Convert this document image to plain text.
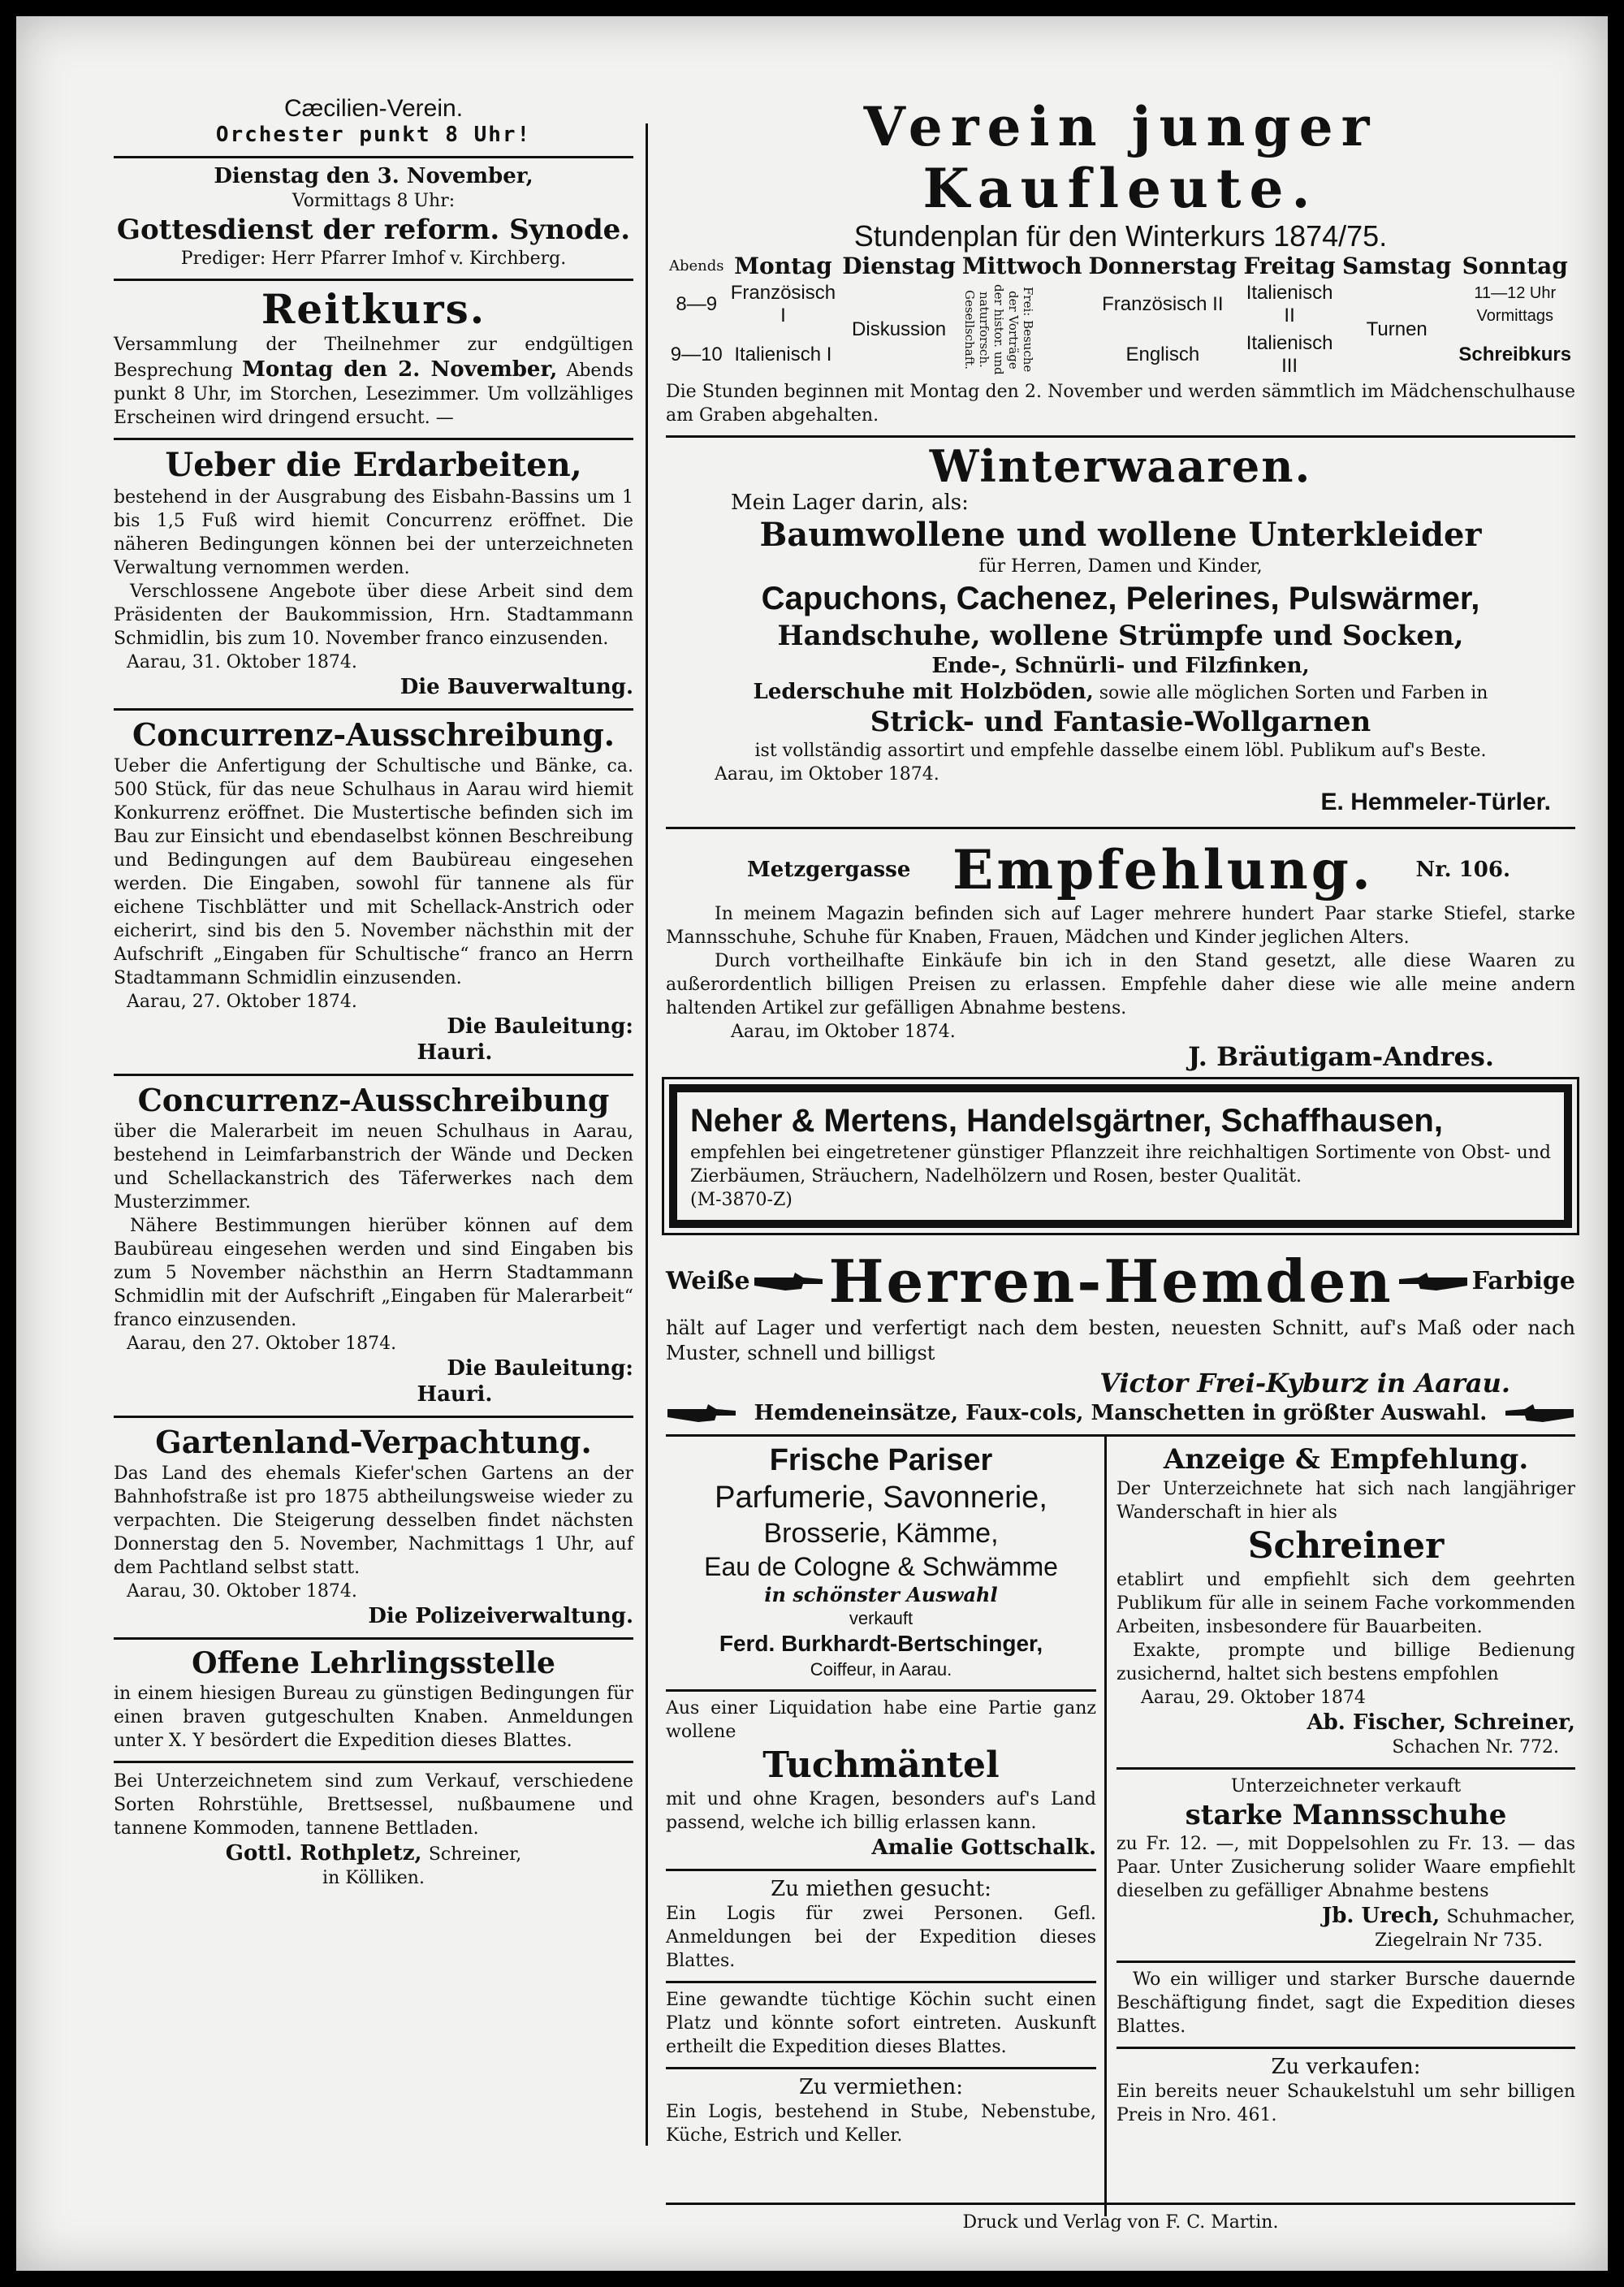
Cæcilien-Verein.
Orchester punkt 8 Uhr!
Dienstag den 3. November,
Vormittags 8 Uhr:
Gottesdienst der reform. Synode.
Prediger: Herr Pfarrer Imhof v. Kirchberg.
Reitkurs.
Versammlung der Theilnehmer zur endgültigen Besprechung Montag den 2. November, Abends punkt 8 Uhr, im Storchen, Lesezimmer. Um vollzähliges Erscheinen wird dringend ersucht. —
Ueber die Erdarbeiten,
bestehend in der Ausgrabung des Eisbahn-Bassins um 1 bis 1,5 Fuß wird hiemit Concurrenz eröffnet. Die näheren Bedingungen können bei der unterzeichneten Verwaltung vernommen werden.
Verschlossene Angebote über diese Arbeit sind dem Präsidenten der Baukommission, Hrn. Stadtammann Schmidlin, bis zum 10. November franco einzusenden.
Aarau, 31. Oktober 1874.
Die Bauverwaltung.
Concurrenz-Ausschreibung.
Ueber die Anfertigung der Schultische und Bänke, ca. 500 Stück, für das neue Schulhaus in Aarau wird hiemit Konkurrenz eröffnet. Die Mustertische befinden sich im Bau zur Einsicht und ebendaselbst können Beschreibung und Bedingungen auf dem Baubüreau eingesehen werden. Die Eingaben, sowohl für tannene als für eichene Tischblätter und mit Schellack-Anstrich oder eicherirt, sind bis den 5. November nächsthin mit der Aufschrift „Eingaben für Schultische“ franco an Herrn Stadtammann Schmidlin einzusenden.
Aarau, 27. Oktober 1874.
Die Bauleitung:
Hauri.
Concurrenz-Ausschreibung
über die Malerarbeit im neuen Schulhaus in Aarau, bestehend in Leimfarbanstrich der Wände und Decken und Schellackanstrich des Täferwerkes nach dem Musterzimmer.
Nähere Bestimmungen hierüber können auf dem Baubüreau eingesehen werden und sind Eingaben bis zum 5 November nächsthin an Herrn Stadtammann Schmidlin mit der Aufschrift „Eingaben für Malerarbeit“ franco einzusenden.
Aarau, den 27. Oktober 1874.
Die Bauleitung:
Hauri.
Gartenland-Verpachtung.
Das Land des ehemals Kiefer'schen Gartens an der Bahnhofstraße ist pro 1875 abtheilungsweise wieder zu verpachten. Die Steigerung desselben findet nächsten Donnerstag den 5. November, Nachmittags 1 Uhr, auf dem Pachtland selbst statt.
Aarau, 30. Oktober 1874.
Die Polizeiverwaltung.
Offene Lehrlingsstelle
in einem hiesigen Bureau zu günstigen Bedingungen für einen braven gutgeschulten Knaben. Anmeldungen unter X. Y besördert die Expedition dieses Blattes.
Bei Unterzeichnetem sind zum Verkauf, verschiedene Sorten Rohrstühle, Brettsessel, nußbaumene und tannene Kommoden, tannene Bettladen.
Gottl. Rothpletz, Schreiner,
in Kölliken.
Verein junger Kaufleute.
Stundenplan für den Winterkurs 1874/75.
Abends	Montag	Dienstag	Mittwoch	Donnerstag	Freitag	Samstag	Sonntag
8—9	Französisch I	Diskussion	Frei: Besuche der Vorträge der histor. und naturforsch. Gesellschaft.	Französisch II	Italienisch II	Turnen	11—12 Uhr Vormittags
9—10	Italienisch I			Englisch	Italienisch III		Schreibkurs
Die Stunden beginnen mit Montag den 2. November und werden sämmtlich im Mädchenschulhause am Graben abgehalten.
Winterwaaren.
Mein Lager darin, als:
Baumwollene und wollene Unterkleider
für Herren, Damen und Kinder,
Capuchons, Cachenez, Pelerines, Pulswärmer,
Handschuhe, wollene Strümpfe und Socken,
Ende-, Schnürli- und Filzfinken,
Lederschuhe mit Holzböden, sowie alle möglichen Sorten und Farben in
Strick- und Fantasie-Wollgarnen
ist vollständig assortirt und empfehle dasselbe einem löbl. Publikum auf's Beste.
Aarau, im Oktober 1874.
E. Hemmeler-Türler.
Metzgergasse Empfehlung. Nr. 106.
In meinem Magazin befinden sich auf Lager mehrere hundert Paar starke Stiefel, starke Mannsschuhe, Schuhe für Knaben, Frauen, Mädchen und Kinder jeglichen Alters.
Durch vortheilhafte Einkäufe bin ich in den Stand gesetzt, alle diese Waaren zu außerordentlich billigen Preisen zu erlassen. Empfehle daher diese wie alle meine andern haltenden Artikel zur gefälligen Abnahme bestens.
Aarau, im Oktober 1874.
J. Bräutigam-Andres.
Neher & Mertens, Handelsgärtner, Schaffhausen,
empfehlen bei eingetretener günstiger Pflanzzeit ihre reichhaltigen Sortimente von Obst- und Zierbäumen, Sträuchern, Nadelhölzern und Rosen, bester Qualität.
(M-3870-Z)
Weiße Herren-Hemden	Farbige
hält auf Lager und verfertigt nach dem besten, neuesten Schnitt, auf's Maß oder nach Muster, schnell und billigst
Victor Frei-Kyburz in Aarau.
Hemdeneinsätze, Faux-cols, Manschetten in größter Auswahl.
Frische Pariser
Parfumerie, Savonnerie,
Brosserie, Kämme,
Eau de Cologne & Schwämme
in schönster Auswahl
verkauft
Ferd. Burkhardt-Bertschinger,
Coiffeur, in Aarau.
Aus einer Liquidation habe eine Partie ganz wollene
Tuchmäntel
mit und ohne Kragen, besonders auf's Land passend, welche ich billig erlassen kann.
Amalie Gottschalk.
Zu miethen gesucht:
Ein Logis für zwei Personen. Gefl. Anmeldungen bei der Expedition dieses Blattes.
Eine gewandte tüchtige Köchin sucht einen Platz und könnte sofort eintreten. Auskunft ertheilt die Expedition dieses Blattes.
Zu vermiethen:
Ein Logis, bestehend in Stube, Nebenstube, Küche, Estrich und Keller.
Anzeige & Empfehlung.
Der Unterzeichnete hat sich nach langjähriger Wanderschaft in hier als
Schreiner
etablirt und empfiehlt sich dem geehrten Publikum für alle in seinem Fache vorkommenden Arbeiten, insbesondere für Bauarbeiten.
Exakte, prompte und billige Bedienung zusichernd, haltet sich bestens empfohlen
Aarau, 29. Oktober 1874
Ab. Fischer, Schreiner,
Schachen Nr. 772.
Unterzeichneter verkauft
starke Mannsschuhe
zu Fr. 12. —, mit Doppelsohlen zu Fr. 13. — das Paar. Unter Zusicherung solider Waare empfiehlt dieselben zu gefälliger Abnahme bestens
Jb. Urech, Schuhmacher,
Ziegelrain Nr 735.
Wo ein williger und starker Bursche dauernde Beschäftigung findet, sagt die Expedition dieses Blattes.
Zu verkaufen:
Ein bereits neuer Schaukelstuhl um sehr billigen Preis in Nro. 461.
Druck und Verlag von F. C. Martin.
